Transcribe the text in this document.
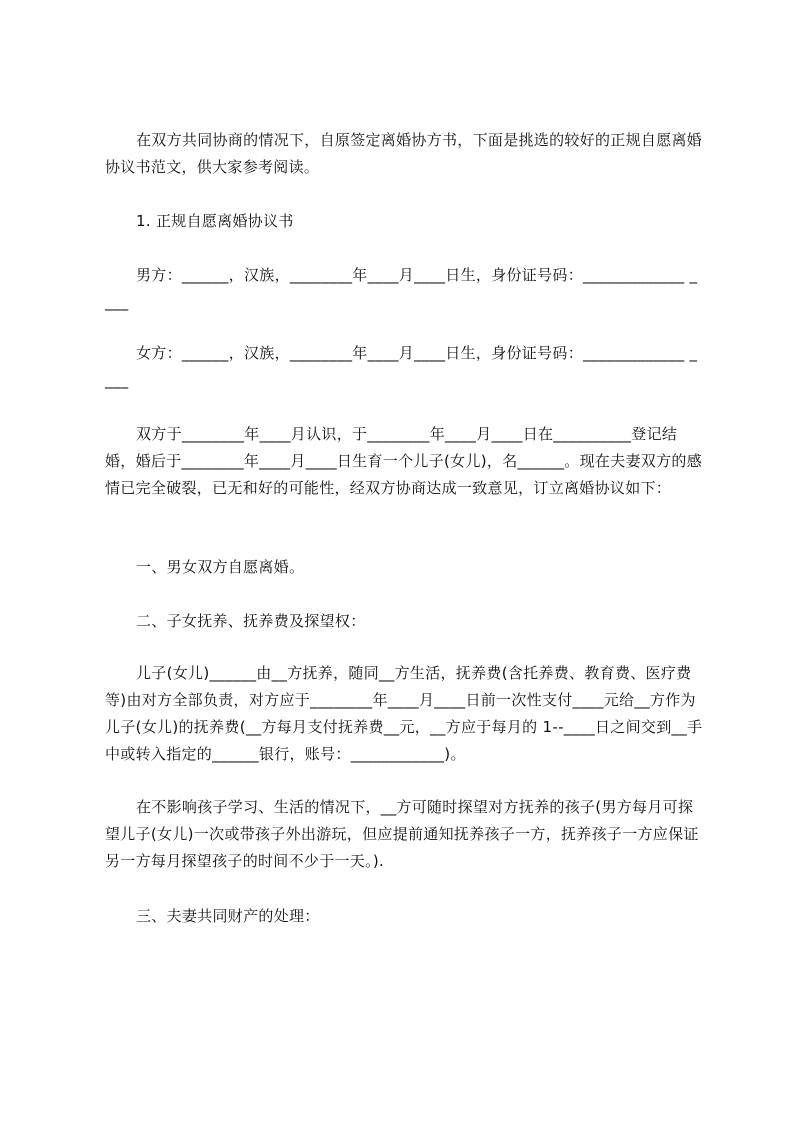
在双方共同协商的情况下，自原签定离婚协方书，下面是挑选的较好的正规自愿离婚协议书范文，供大家参考阅读。

1. 正规自愿离婚协议书

男方：______，汉族，________年____月____日生，身份证号码：_____________ ____

女方：______，汉族，________年____月____日生，身份证号码：_____________ ____

双方于________年____月认识，于________年____月____日在__________登记结婚，婚后于________年____月____日生育一个儿子(女儿)，名______。现在夫妻双方的感情已完全破裂，已无和好的可能性，经双方协商达成一致意见，订立离婚协议如下：

一、男女双方自愿离婚。

二、子女抚养、抚养费及探望权：

儿子(女儿)______由__方抚养，随同__方生活，抚养费(含托养费、教育费、医疗费等)由对方全部负责，对方应于________年____月____日前一次性支付____元给__方作为儿子(女儿)的抚养费(__方每月支付抚养费__元，__方应于每月的 1--____日之间交到__手中或转入指定的______银行，账号：____________)。

在不影响孩子学习、生活的情况下，__方可随时探望对方抚养的孩子(男方每月可探望儿子(女儿)一次或带孩子外出游玩，但应提前通知抚养孩子一方，抚养孩子一方应保证另一方每月探望孩子的时间不少于一天。).

三、夫妻共同财产的处理：
